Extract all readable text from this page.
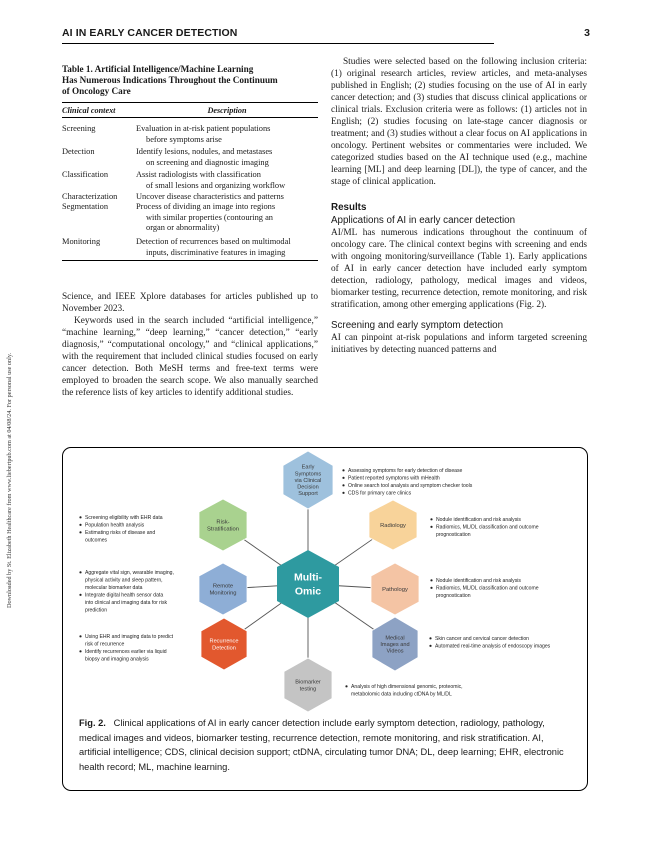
AI IN EARLY CANCER DETECTION	3
Downloaded by St. Elizabeth Healthcare from www.liebertpub.com at 04/08/24. For personal use only.
Table 1. Artificial Intelligence/Machine Learning
Has Numerous Indications Throughout the Continuum
of Oncology Care
Clinical context	Description
Screening	Evaluation in at-risk patient populations
before symptoms arise
Detection	Identify lesions, nodules, and metastases
on screening and diagnostic imaging
Classification	Assist radiologists with classification
of small lesions and organizing workflow
Characterization	Uncover disease characteristics and patterns
Segmentation	Process of dividing an image into regions
with similar properties (contouring an
organ or abnormality)
Monitoring	Detection of recurrences based on multimodal
inputs, discriminative features in imaging
Science, and IEEE Xplore databases for articles published up to November 2023.
Keywords used in the search included “artificial intelligence,” “machine learning,” “deep learning,” “cancer detection,” “early diagnosis,” “computational oncology,” and “clinical applications,” with the requirement that included clinical studies focused on early cancer detection. Both MeSH terms and free-text terms were employed to broaden the search scope. We also manually searched the reference lists of key articles to identify additional studies.
Studies were selected based on the following inclusion criteria: (1) original research articles, review articles, and meta-analyses published in English; (2) studies focusing on the use of AI in early cancer detection; and (3) studies that discuss clinical applications or clinical trials. Exclusion criteria were as follows: (1) articles not in English; (2) studies focusing on late-stage cancer diagnosis or treatment; and (3) studies without a clear focus on AI applications in oncology. Pertinent websites or commentaries were included. We categorized studies based on the AI technique used (e.g., machine learning [ML] and deep learning [DL]), the type of cancer, and the stage of clinical application.
Results
Applications of AI in early cancer detection
AI/ML has numerous indications throughout the continuum of oncology care. The clinical context begins with screening and ends with ongoing monitoring/surveillance (Table 1). Early applications of AI in early cancer detection have included early symptom detection, radiology, pathology, medical images and videos, biomarker testing, recurrence detection, remote monitoring, and risk stratification, among other emerging applications (Fig. 2).
Screening and early symptom detection
AI can pinpoint at-risk populations and inform targeted screening initiatives by detecting nuanced patterns and
Early Symptoms via Clinical Decision Support
Radiology
Pathology
Medical Images and Videos
Biomarker testing
Recurrence Detection
Remote Monitoring
Risk-Stratification
Multi-Omic
Assessing symptoms for early detection of disease
Patient reported symptoms with mHealth
Online search tool analysis and symptom checker tools
CDS for primary care clinics
Nodule identification and risk analysis
Radiomics, ML/DL classification and outcome
prognostication
Nodule identification and risk analysis
Radiomics, ML/DL classification and outcome
prognostication
Skin cancer and cervical cancer detection
Automated real-time analysis of endoscopy images
Analysis of high dimensional genomic, proteomic,
metabolomic data including ctDNA by ML/DL
Screening eligibility with EHR data
Population health analysis
Estimating risks of disease and
outcomes
Aggregate vital sign, wearable imaging,
physical activity and sleep pattern,
molecular biomarker data
Integrate digital health sensor data
into clinical and imaging data for risk
prediction
Using EHR and imaging data to predict
risk of recurrence
Identify recurrences earlier via liquid
biopsy and imaging analysis
Fig. 2. Clinical applications of AI in early cancer detection include early symptom detection, radiology, pathology, medical images and videos, biomarker testing, recurrence detection, remote monitoring, and risk stratification. AI, artificial intelligence; CDS, clinical decision support; ctDNA, circulating tumor DNA; DL, deep learning; EHR, electronic health record; ML, machine learning.
